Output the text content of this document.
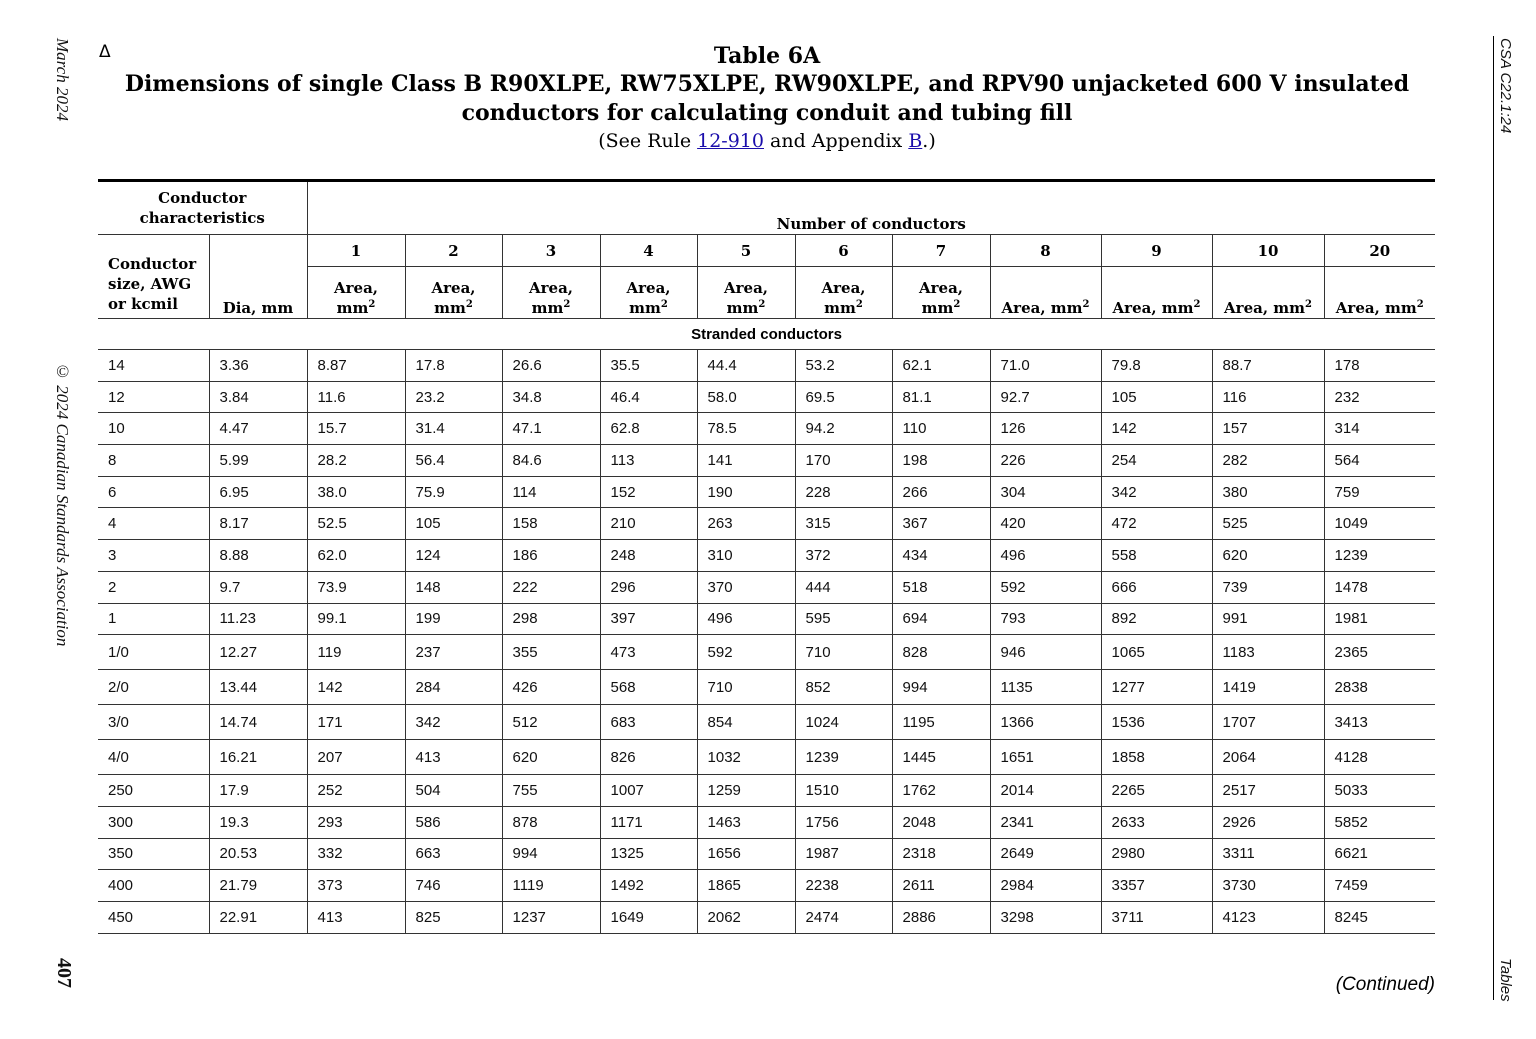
March 2024
© 2024 Canadian Standards Association
407
CSA C22.1:24
Tables
Δ	Table 6A
Dimensions of single Class B R90XLPE, RW75XLPE, RW90XLPE, and RPV90 unjacketed 600 V insulated conductors for calculating conduit and tubing fill
(See Rule 12-910 and Appendix B.)
Conductor characteristics		Number of conductors										
Conductor size, AWG or kcmil	Dia, mm	1	2	3	4	5	6	7	8	9	10	20
		Area, $mm^2$	Area, $mm^2$	Area, $mm^2$	Area, $mm^2$	Area, $mm^2$	Area, $mm^2$	Area, $mm^2$	Area, $mm^2$	Area, $mm^2$	Area, $mm^2$	Area, $mm^2$
Stranded conductors												
14	3.36	8.87	17.8	26.6	35.5	44.4	53.2	62.1	71.0	79.8	88.7	178
12	3.84	11.6	23.2	34.8	46.4	58.0	69.5	81.1	92.7	105	116	232
10	4.47	15.7	31.4	47.1	62.8	78.5	94.2	110	126	142	157	314
8	5.99	28.2	56.4	84.6	113	141	170	198	226	254	282	564
6	6.95	38.0	75.9	114	152	190	228	266	304	342	380	759
4	8.17	52.5	105	158	210	263	315	367	420	472	525	1049
3	8.88	62.0	124	186	248	310	372	434	496	558	620	1239
2	9.7	73.9	148	222	296	370	444	518	592	666	739	1478
1	11.23	99.1	199	298	397	496	595	694	793	892	991	1981
1/0	12.27	119	237	355	473	592	710	828	946	1065	1183	2365
2/0	13.44	142	284	426	568	710	852	994	1135	1277	1419	2838
3/0	14.74	171	342	512	683	854	1024	1195	1366	1536	1707	3413
4/0	16.21	207	413	620	826	1032	1239	1445	1651	1858	2064	4128
250	17.9	252	504	755	1007	1259	1510	1762	2014	2265	2517	5033
300	19.3	293	586	878	1171	1463	1756	2048	2341	2633	2926	5852
350	20.53	332	663	994	1325	1656	1987	2318	2649	2980	3311	6621
400	21.79	373	746	1119	1492	1865	2238	2611	2984	3357	3730	7459
450	22.91	413	825	1237	1649	2062	2474	2886	3298	3711	4123	8245
(Continued)
